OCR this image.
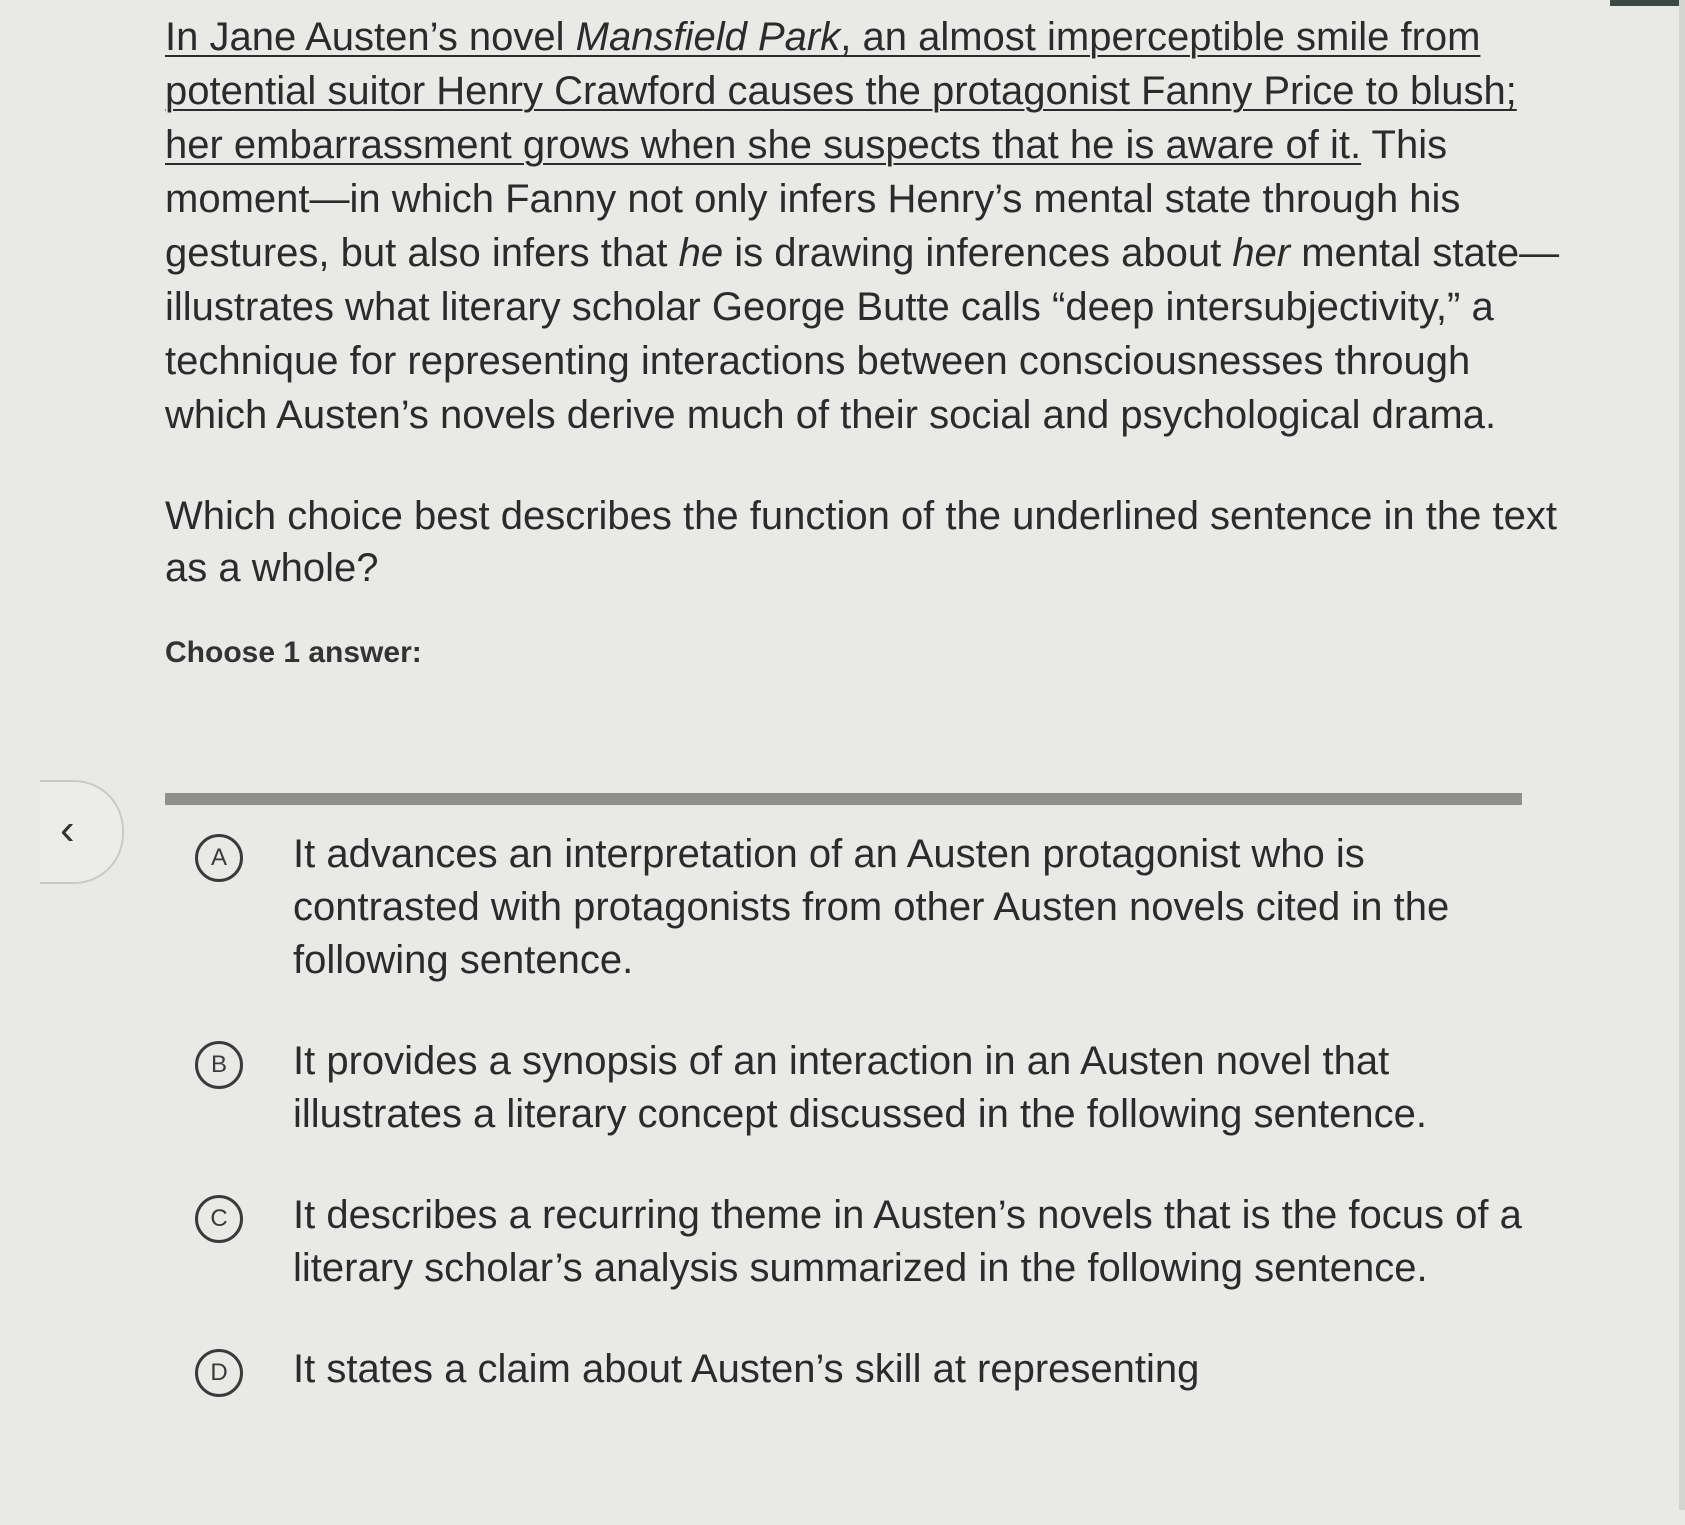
In Jane Austen’s novel Mansfield Park, an almost imperceptible smile from potential suitor Henry Crawford causes the protagonist Fanny Price to blush; her embarrassment grows when she suspects that he is aware of it. This moment—in which Fanny not only infers Henry’s mental state through his gestures, but also infers that he is drawing inferences about her mental state—illustrates what literary scholar George Butte calls “deep intersubjectivity,” a technique for representing interactions between consciousnesses through which Austen’s novels derive much of their social and psychological drama.

Which choice best describes the function of the underlined sentence in the text as a whole?

Choose 1 answer:

‹
A	It advances an interpretation of an Austen protagonist who is contrasted with protagonists from other Austen novels cited in the following sentence.
B	It provides a synopsis of an interaction in an Austen novel that illustrates a literary concept discussed in the following sentence.
C	It describes a recurring theme in Austen’s novels that is the focus of a literary scholar’s analysis summarized in the following sentence.
D	It states a claim about Austen’s skill at representing
